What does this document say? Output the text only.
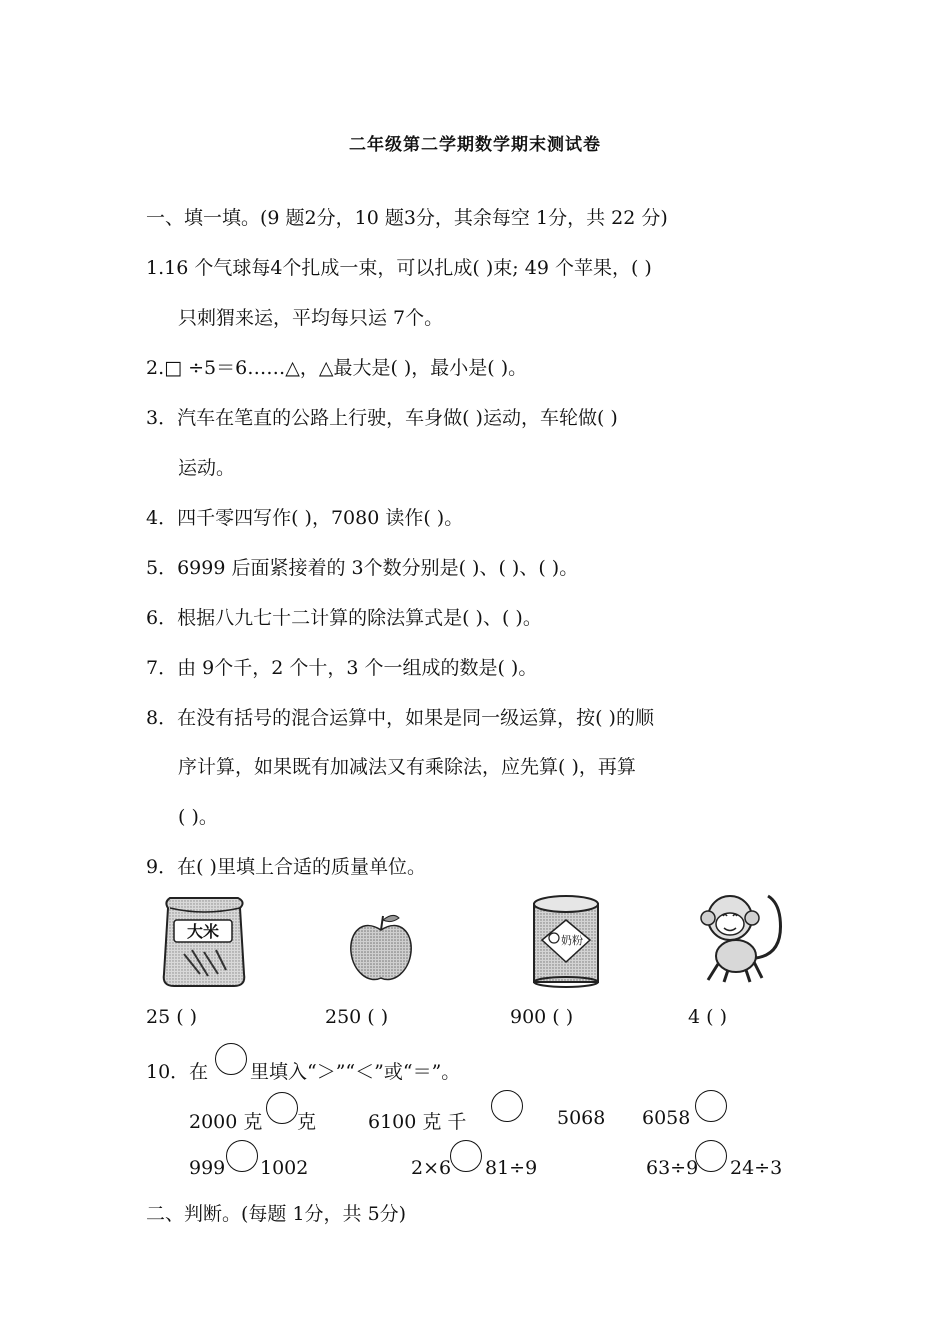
二年级第二学期数学期末测试卷
一、填一填。(9 题2分，10 题3分，其余每空 1分，共 22 分)
1.16 个气球每4个扎成一束，可以扎成( )束; 49 个苹果，( )
只刺猬来运，平均每只运 7个。
2.□ ÷5＝6……△，△最大是( )，最小是( )。
3．汽车在笔直的公路上行驶，车身做( )运动，车轮做( )
运动。
4．四千零四写作( )，7080 读作( )。
5．6999 后面紧接着的 3个数分别是( )、( )、( )。
6．根据八九七十二计算的除法算式是( )、( )。
7．由 9个千，2 个十，3 个一组成的数是( )。
8．在没有括号的混合运算中，如果是同一级运算，按( )的顺
序计算，如果既有加减法又有乘除法，应先算( )，再算
( )。
9．在( )里填上合适的质量单位。
大米	奶粉
25 ( )	250 ( )	900 ( )	4 ( )
10．在 里填入“＞”“＜”或“＝”。
2000 克 克	6100 克 千	5068 6058
999 1002	2×6 81÷9	63÷9 24÷3
二、判断。(每题 1分，共 5分)
